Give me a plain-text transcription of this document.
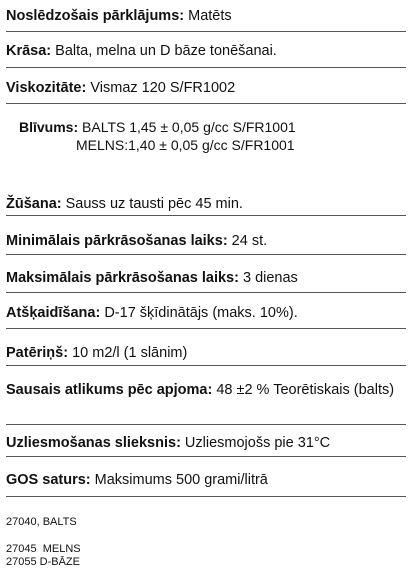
Noslēdzošais pārklājums: Matēts
Krāsa: Balta, melna un D bāze tonēšanai.
Viskozitāte: Vismaz 120 S/FR1002
Blīvums: BALTS 1,45 ± 0,05 g/cc S/FR1001
MELNS:1,40 ± 0,05 g/cc S/FR1001
Žūšana: Sauss uz tausti pēc 45 min.
Minimālais pārkrāsošanas laiks: 24 st.
Maksimālais pārkrāsošanas laiks: 3 dienas
Atšķaidīšana: D-17 šķīdinātājs (maks. 10%).
Patēriņš: 10 m2/l (1 slānim)
Sausais atlikums pēc apjoma: 48 ±2 % Teorētiskais (balts)
Uzliesmošanas slieksnis: Uzliesmojošs pie 31°C
GOS saturs: Maksimums 500 grami/litrā
27040, BALTS
27045  MELNS
27055 D-BĀZE
